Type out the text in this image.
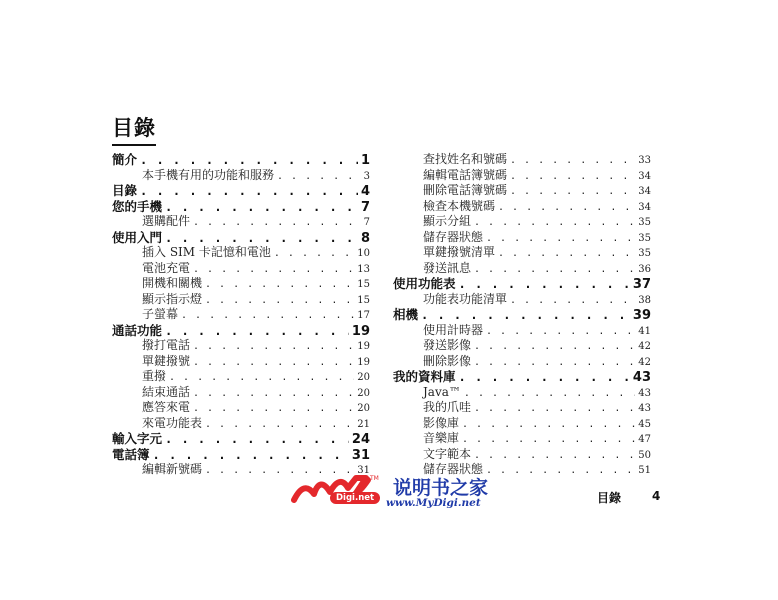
目錄
簡介 . . .	1
本手機有用的功能和服務 . . .	3
目錄 . . .	4
您的手機 . . .	7
選購配件 . . .	7
使用入門 . . .	8
插入 SIM 卡記憶和電池 . . .	10
電池充電 . . .	13
開機和關機 . . .	15
顯示指示燈 . . .	15
子螢幕 . . .	17
通話功能 . . .	19
撥打電話 . . .	19
單鍵撥號 . . .	19
重撥 . . .	20
結束通話 . . .	20
應答來電 . . .	20
來電功能表 . . .	21
輸入字元 . . .	24
電話簿 . . .	31
編輯新號碼 . . .	31
查找姓名和號碼 . . .	33
編輯電話簿號碼 . . .	34
刪除電話簿號碼 . . .	34
檢查本機號碼 . . .	34
顯示分組 . . .	35
儲存器狀態 . . .	35
單鍵撥號清單 . . .	35
發送訊息 . . .	36
使用功能表 . . .	37
功能表功能清單 . . .	38
相機 . . .	39
使用計時器 . . .	41
發送影像 . . .	42
刪除影像 . . .	42
我的資料庫 . . .	43
Java™ . . .	43
我的爪哇 . . .	43
影像庫 . . .	45
音樂庫 . . .	47
文字範本 . . .	50
儲存器狀態 . . .	51
TM
Digi.net 说明书之家
www.MyDigi.net	目錄	4
